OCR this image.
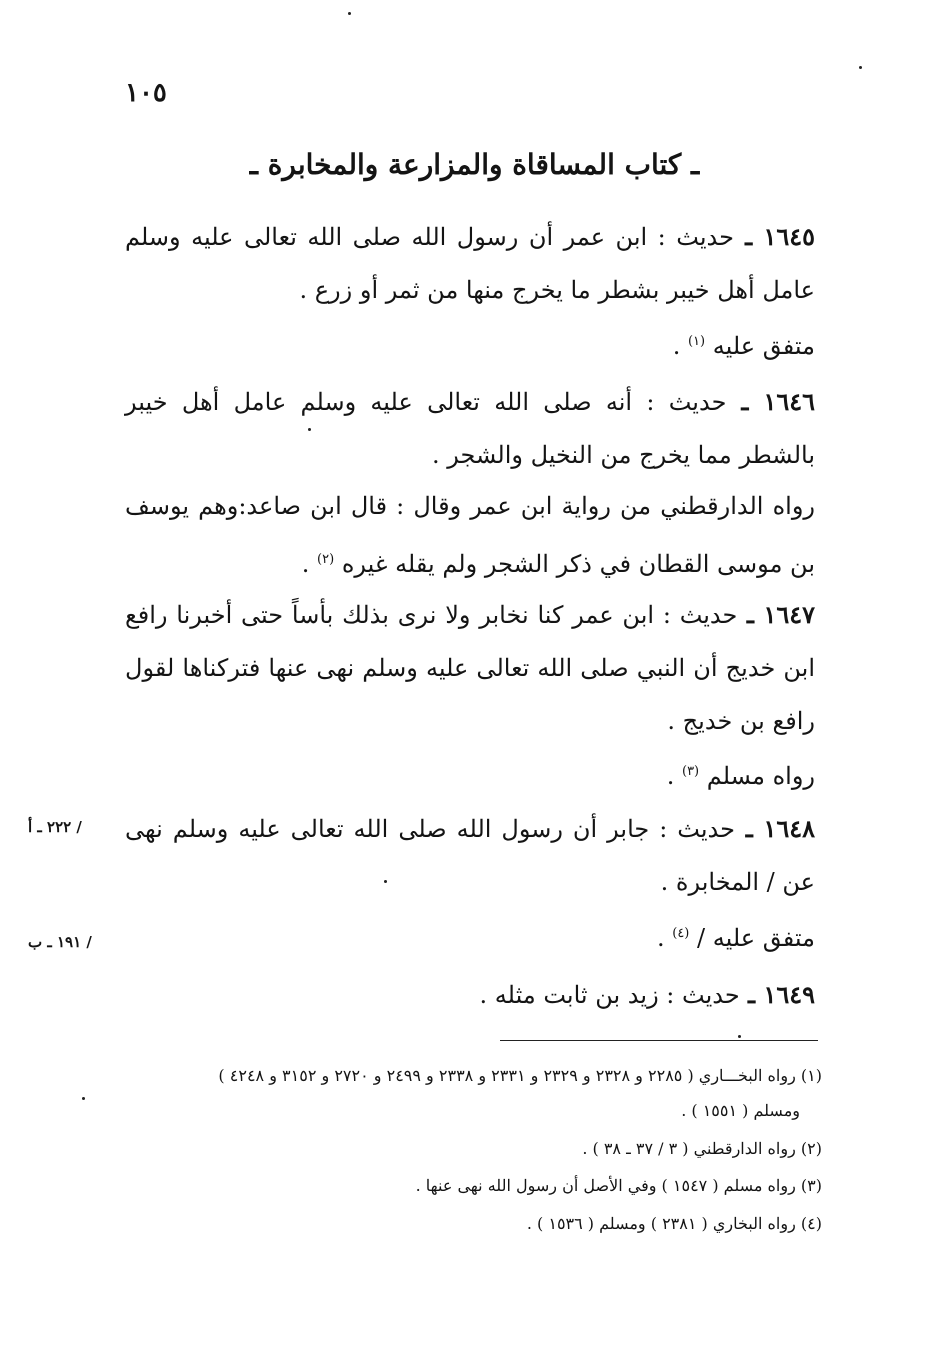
١٠٥
ـ كتاب المساقاة والمزارعة والمخابرة ـ
١٦٤٥ ـ حديث : ابن عمر أن رسول الله صلى الله تعالى عليه وسلم عامل أهل خيبر بشطر ما يخرج منها من ثمر أو زرع .
متفق عليه $^{(١)}$ .
١٦٤٦ ـ حديث : أنه صلى الله تعالى عليه وسلم عامل أهل خيبر بالشطر مما يخرج من النخيل والشجر .
رواه الدارقطني من رواية ابن عمر وقال : قال ابن صاعد:وهم يوسف بن موسى القطان في ذكر الشجر ولم يقله غيره $^{(٢)}$ .
١٦٤٧ ـ حديث : ابن عمر كنا نخابر ولا نرى بذلك بأساً حتى أخبرنا رافع ابن خديج أن النبي صلى الله تعالى عليه وسلم نهى عنها فتركناها لقول رافع بن خديج .
رواه مسلم $^{(٣)}$ .
١٦٤٨ ـ حديث : جابر أن رسول الله صلى الله تعالى عليه وسلم نهى عن / المخابرة .
متفق عليه / $^{(٤)}$ .
١٦٤٩ ـ حديث : زيد بن ثابت مثله .
/ ٢٢٢ ـ أ
/ ١٩١ ـ ب
(١) رواه البخـــاري ( ٢٢٨٥ و ٢٣٢٨ و ٢٣٢٩ و ٢٣٣١ و ٢٣٣٨ و ٢٤٩٩ و ٢٧٢٠ و ٣١٥٢ و ٤٢٤٨ )
ومسلم ( ١٥٥١ ) .
(٢) رواه الدارقطني ( ٣ / ٣٧ ـ ٣٨ ) .
(٣) رواه مسلم ( ١٥٤٧ ) وفي الأصل أن رسول الله نهى عنها .
(٤) رواه البخاري ( ٢٣٨١ ) ومسلم ( ١٥٣٦ ) .
